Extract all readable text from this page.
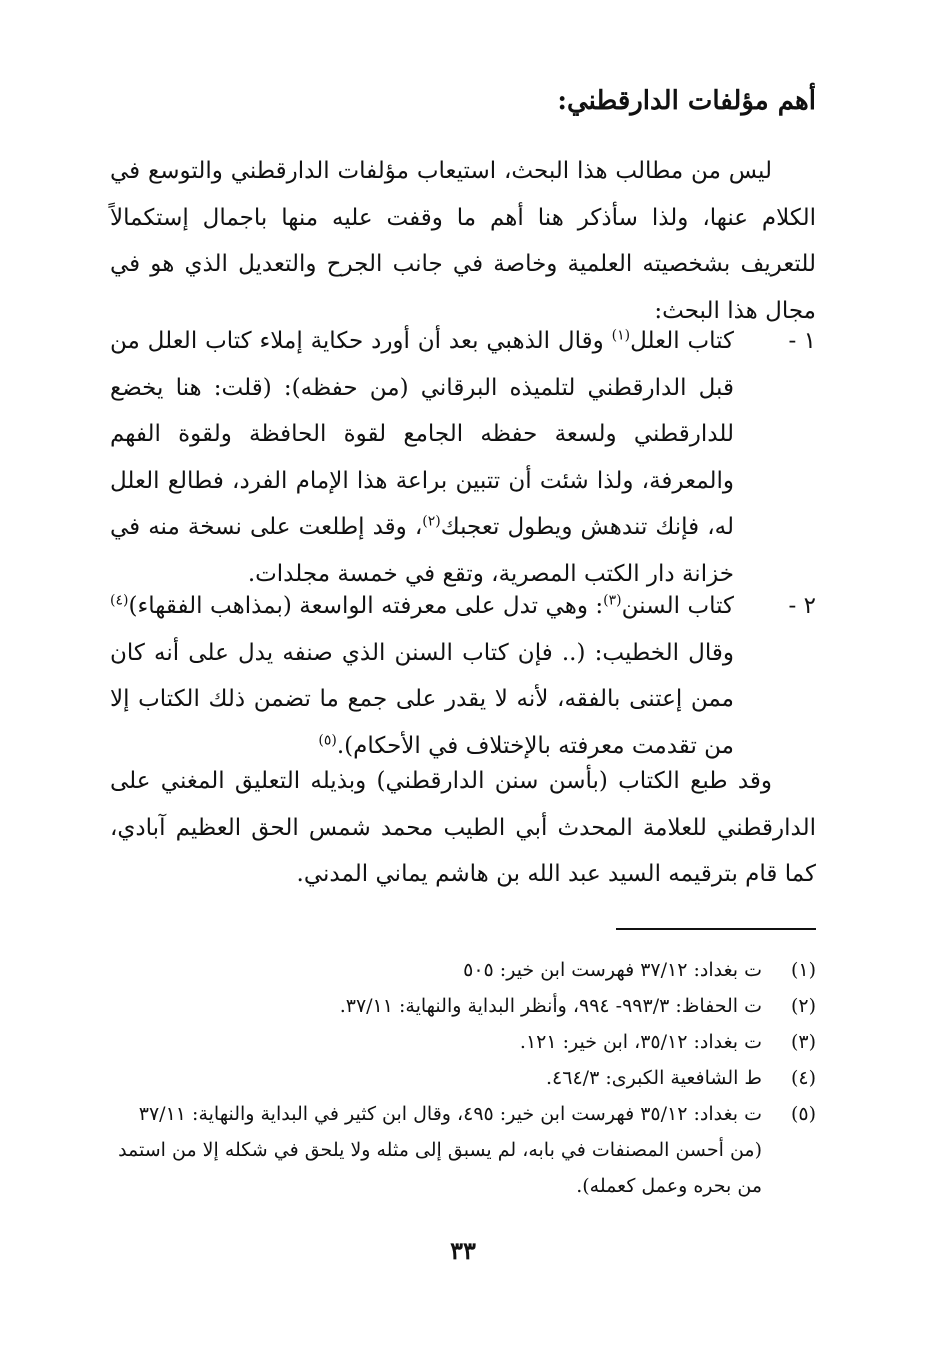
أهم مؤلفات الدارقطني:
ليس من مطالب هذا البحث، استيعاب مؤلفات الدارقطني والتوسع في الكلام عنها، ولذا سأذكر هنا أهم ما وقفت عليه منها باجمال إستكمالاً للتعريف بشخصيته العلمية وخاصة في جانب الجرح والتعديل الذي هو في مجال هذا البحث:
١ -
كتاب العلل$^{(١)}$ وقال الذهبي بعد أن أورد حكاية إملاء كتاب العلل من قبل الدارقطني لتلميذه البرقاني (من حفظه): (قلت: هنا يخضع للدارقطني ولسعة حفظه الجامع لقوة الحافظة ولقوة الفهم والمعرفة، ولذا شئت أن تتبين براعة هذا الإمام الفرد، فطالع العلل له، فإنك تندهش ويطول تعجبك$^{(٢)}$، وقد إطلعت على نسخة منه في خزانة دار الكتب المصرية، وتقع في خمسة مجلدات.
٢ -
كتاب السنن$^{(٣)}$: وهي تدل على معرفته الواسعة (بمذاهب الفقهاء)$^{(٤)}$ وقال الخطيب: (.. فإن كتاب السنن الذي صنفه يدل على أنه كان ممن إعتنى بالفقه، لأنه لا يقدر على جمع ما تضمن ذلك الكتاب إلا من تقدمت معرفته بالإختلاف في الأحكام).$^{(٥)}$
وقد طبع الكتاب (بأسن سنن الدارقطني) وبذيله التعليق المغني على الدارقطني للعلامة المحدث أبي الطيب محمد شمس الحق العظيم آبادي، كما قام بترقيمه السيد عبد الله بن هاشم يماني المدني.
(١)
ت بغداد: ٣٧/١٢ فهرست ابن خير: ٥٠٥
(٢)
ت الحفاظ: ٩٩٣/٣- ٩٩٤، وأنظر البداية والنهاية: ٣٧/١١.
(٣)
ت بغداد: ٣٥/١٢، ابن خير: ١٢١.
(٤)
ط الشافعية الكبرى: ٤٦٤/٣.
(٥)
ت بغداد: ٣٥/١٢ فهرست ابن خير: ٤٩٥، وقال ابن كثير في البداية والنهاية: ٣٧/١١ (من أحسن المصنفات في بابه، لم يسبق إلى مثله ولا يلحق في شكله إلا من استمد من بحره وعمل كعمله).
٣٣
